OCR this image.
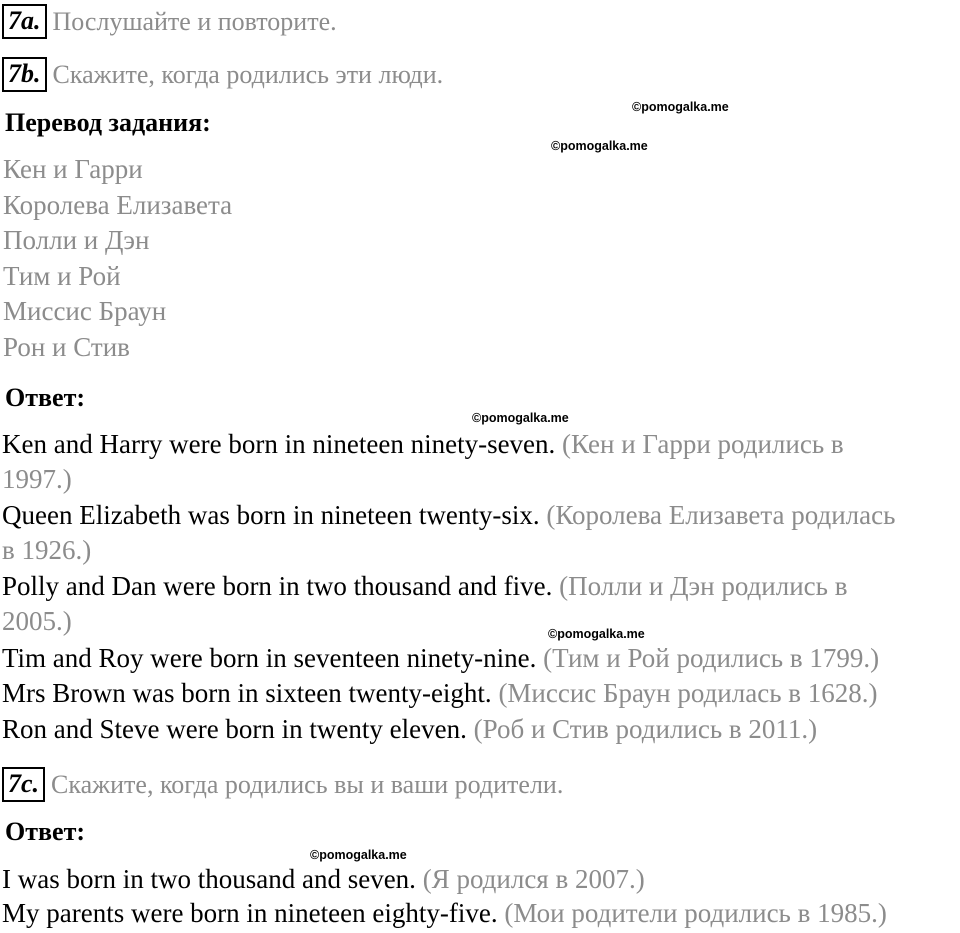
7a. Послушайте и повторите.
7b. Скажите, когда родились эти люди.
©pomogalka.me
Перевод задания:
©pomogalka.me
Кен и Гарри
Королева Елизавета
Полли и Дэн
Тим и Рой
Миссис Браун
Рон и Стив
Ответ:
©pomogalka.me
Ken and Harry were born in nineteen ninety-seven. (Кен и Гарри родились в
1997.)
Queen Elizabeth was born in nineteen twenty-six. (Королева Елизавета родилась
в 1926.)
Polly and Dan were born in two thousand and five. (Полли и Дэн родились в
2005.)	©pomogalka.me
Tim and Roy were born in seventeen ninety-nine. (Тим и Рой родились в 1799.)
Mrs Brown was born in sixteen twenty-eight. (Миссис Браун родилась в 1628.)
Ron and Steve were born in twenty eleven. (Роб и Стив родились в 2011.)
7c. Скажите, когда родились вы и ваши родители.
Ответ:
©pomogalka.me
I was born in two thousand and seven. (Я родился в 2007.)
My parents were born in nineteen eighty-five. (Мои родители родились в 1985.)
